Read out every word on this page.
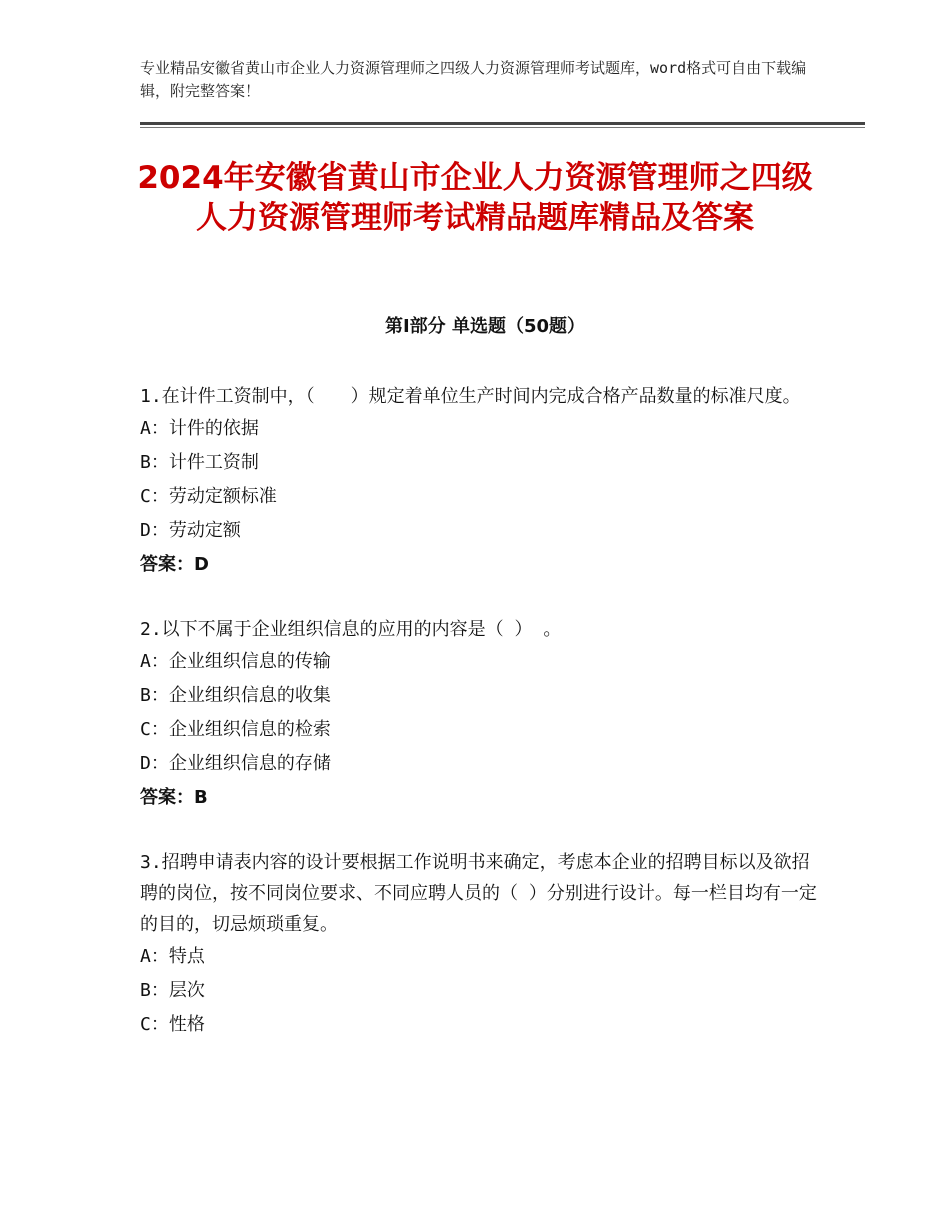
专业精品安徽省黄山市企业人力资源管理师之四级人力资源管理师考试题库，word格式可自由下载编辑，附完整答案！
2024年安徽省黄山市企业人力资源管理师之四级人力资源管理师考试精品题库精品及答案
第Ⅰ部分 单选题（50题）

1.在计件工资制中，（　　）规定着单位生产时间内完成合格产品数量的标准尺度。

A：计件的依据

B：计件工资制

C：劳动定额标准

D：劳动定额

答案：D

2.以下不属于企业组织信息的应用的内容是（ ） 。

A：企业组织信息的传输

B：企业组织信息的收集

C：企业组织信息的检索

D：企业组织信息的存储

答案：B

3.招聘申请表内容的设计要根据工作说明书来确定，考虑本企业的招聘目标以及欲招聘的岗位，按不同岗位要求、不同应聘人员的（ ）分别进行设计。每一栏目均有一定的目的，切忌烦琐重复。

A：特点

B：层次

C：性格
